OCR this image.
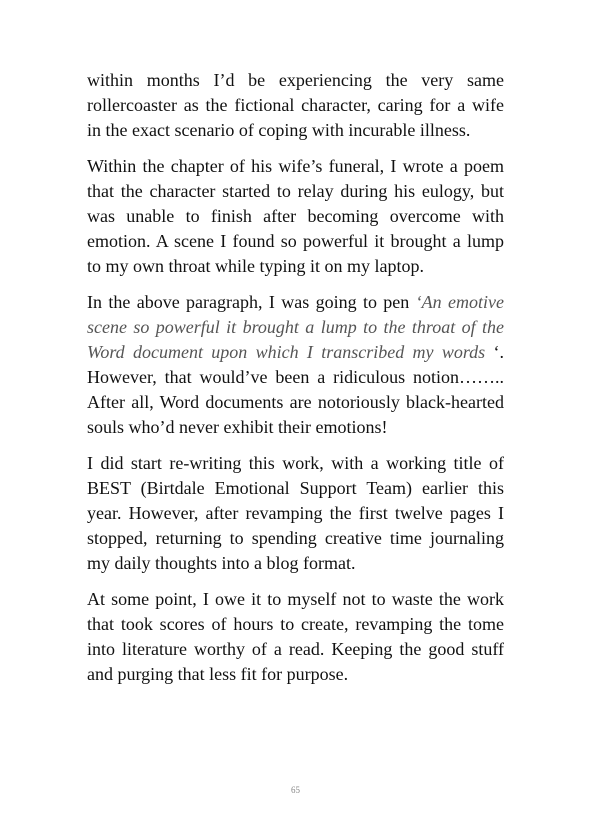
within months I’d be experiencing the very same rollercoaster as the fictional character, caring for a wife in the exact scenario of coping with incurable illness.

Within the chapter of his wife’s funeral, I wrote a poem that the character started to relay during his eulogy, but was unable to finish after becoming overcome with emotion. A scene I found so powerful it brought a lump to my own throat while typing it on my laptop.

In the above paragraph, I was going to pen ‘An emotive scene so powerful it brought a lump to the throat of the Word document upon which I transcribed my words ‘. However, that would’ve been a ridiculous notion…….. After all, Word documents are notoriously black-hearted souls who’d never exhibit their emotions!

I did start re-writing this work, with a working title of BEST (Birtdale Emotional Support Team) earlier this year. However, after revamping the first twelve pages I stopped, returning to spending creative time journaling my daily thoughts into a blog format.

At some point, I owe it to myself not to waste the work that took scores of hours to create, revamping the tome into literature worthy of a read. Keeping the good stuff and purging that less fit for purpose.

65
